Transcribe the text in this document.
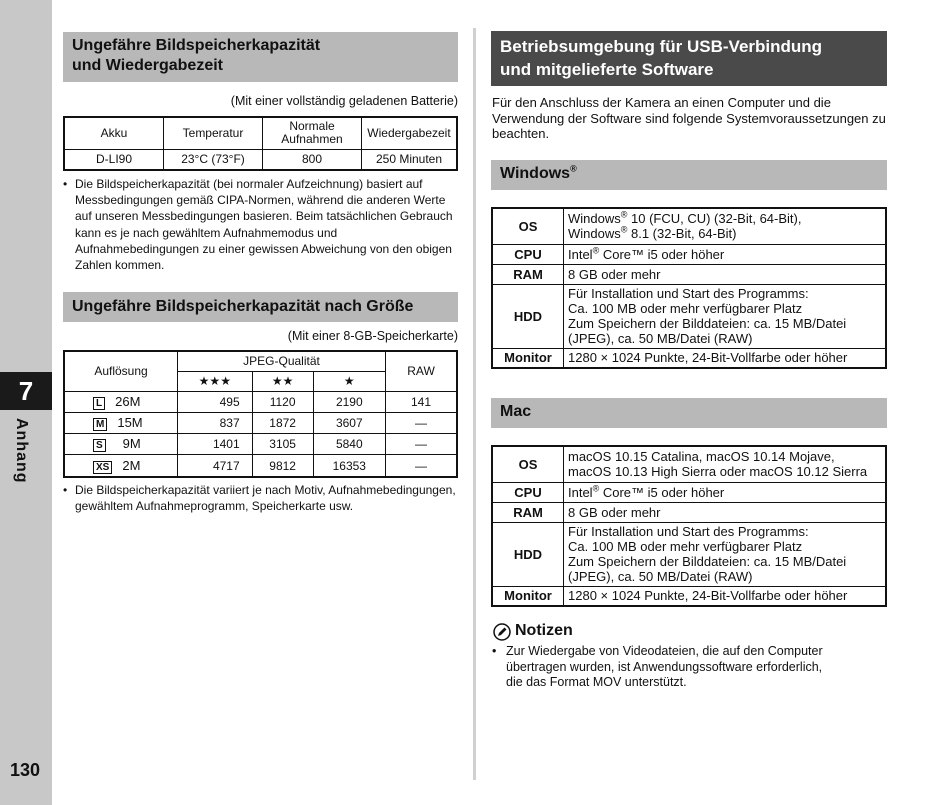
7
Anhang
130
Ungefähre Bildspeicherkapazität
und Wiedergabezeit
(Mit einer vollständig geladenen Batterie)
Akku	Temperatur	Normale Aufnahmen	Wiedergabezeit
D-LI90	23°C (73°F)	800	250 Minuten
• Die Bildspeicherkapazität (bei normaler Aufzeichnung) basiert auf Messbedingungen gemäß CIPA-Normen, während die anderen Werte auf unseren Messbedingungen basieren. Beim tatsächlichen Gebrauch kann es je nach gewähltem Aufnahmemodus und Aufnahmebedingungen zu einer gewissen Abweichung von den obigen Zahlen kommen.
Ungefähre Bildspeicherkapazität nach Größe
(Mit einer 8-GB-Speicherkarte)
Auflösung	JPEG-Qualität			RAW
	★★★	★★	★	
L 26M	495	1120	2190	141
M 15M	837	1872	3607	—
S 9M	1401	3105	5840	—
XS 2M	4717	9812	16353	—
• Die Bildspeicherkapazität variiert je nach Motiv, Aufnahmebedingungen, gewähltem Aufnahmeprogramm, Speicherkarte usw.
Betriebsumgebung für USB-Verbindung
und mitgelieferte Software
Für den Anschluss der Kamera an einen Computer und die Verwendung der Software sind folgende Systemvoraussetzungen zu beachten.
Windows®
OS	Windows® 10 (FCU, CU) (32-Bit, 64-Bit),
Windows® 8.1 (32-Bit, 64-Bit)
CPU	Intel® Core™ i5 oder höher
RAM	8 GB oder mehr
HDD	Für Installation und Start des Programms:
Ca. 100 MB oder mehr verfügbarer Platz
Zum Speichern der Bilddateien: ca. 15 MB/Datei
(JPEG), ca. 50 MB/Datei (RAW)
Monitor	1280 × 1024 Punkte, 24-Bit-Vollfarbe oder höher
Mac
OS	macOS 10.15 Catalina, macOS 10.14 Mojave,
macOS 10.13 High Sierra oder macOS 10.12 Sierra
CPU	Intel® Core™ i5 oder höher
RAM	8 GB oder mehr
HDD	Für Installation und Start des Programms:
Ca. 100 MB oder mehr verfügbarer Platz
Zum Speichern der Bilddateien: ca. 15 MB/Datei
(JPEG), ca. 50 MB/Datei (RAW)
Monitor	1280 × 1024 Punkte, 24-Bit-Vollfarbe oder höher
Notizen
• Zur Wiedergabe von Videodateien, die auf den Computer
übertragen wurden, ist Anwendungssoftware erforderlich,
die das Format MOV unterstützt.
